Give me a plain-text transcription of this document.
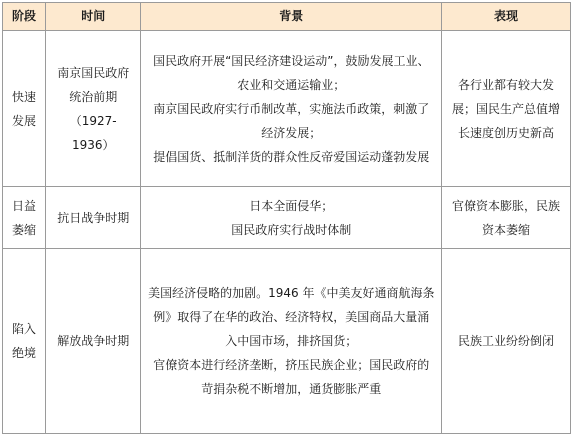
阶段	时间	背景	表现

快速
发展	南京国民政府
统治前期
（1927-1936）	国民政府开展“国民经济建设运动”，鼓励发展工业、
农业和交通运输业；
南京国民政府实行币制改革，实施法币政策，刺激了
经济发展；
提倡国货、抵制洋货的群众性反帝爱国运动蓬勃发展	各行业都有较大发
展；国民生产总值增
长速度创历史新高

日益
萎缩	抗日战争时期	日本全面侵华；
国民政府实行战时体制	官僚资本膨胀，民族
资本萎缩

陷入
绝境	解放战争时期	美国经济侵略的加剧。1946 年《中美友好通商航海条
例》取得了在华的政治、经济特权，美国商品大量涌
入中国市场，排挤国货；
官僚资本进行经济垄断，挤压民族企业；国民政府的
苛捐杂税不断增加，通货膨胀严重	民族工业纷纷倒闭
